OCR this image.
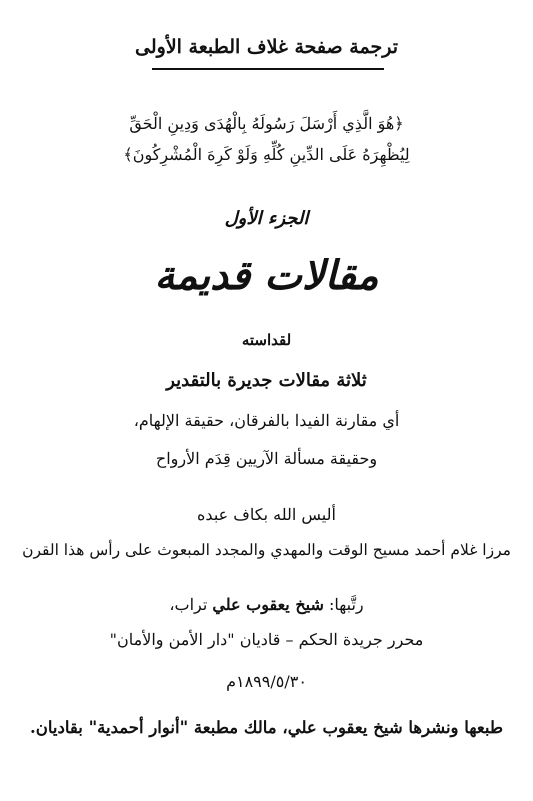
ترجمة صفحة غلاف الطبعة الأولى
﴿هُوَ الَّذِي أَرْسَلَ رَسُولَهُ بِالْهُدَى وَدِينِ الْحَقِّ
لِيُظْهِرَهُ عَلَى الدِّينِ كُلِّهِ وَلَوْ كَرِهَ الْمُشْرِكُونَ﴾
الجزء الأول
مقالات قديمة
لقداسته
ثلاثة مقالات جديرة بالتقدير
أي مقارنة الفيدا بالفرقان، حقيقة الإلهام،
وحقيقة مسألة الآريين قِدَم الأرواح
أليس الله بكاف عبده
مرزا غلام أحمد مسيح الوقت والمهدي والمجدد المبعوث على رأس هذا القرن
رتَّبها: شيخ يعقوب علي تراب،
محرر جريدة الحكم – قاديان "دار الأمن والأمان"
١٨٩٩/٥/٣٠م
طبعها ونشرها شيخ يعقوب علي، مالك مطبعة "أنوار أحمدية" بقاديان.
